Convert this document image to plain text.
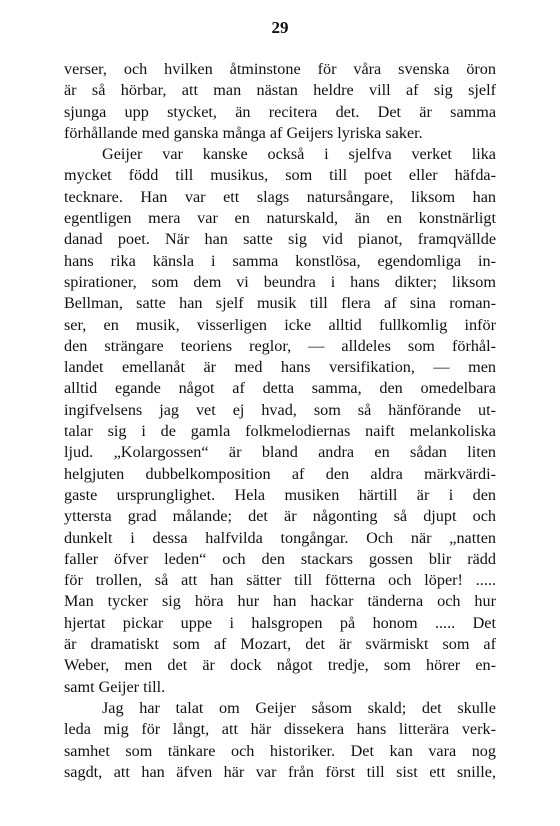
29
verser, och hvilken åtminstone för våra svenska öron
är så hörbar, att man nästan heldre vill af sig sjelf
sjunga upp stycket, än recitera det. Det är samma
förhållande med ganska många af Geijers lyriska saker.
Geijer var kanske också i sjelfva verket lika
mycket född till musikus, som till poet eller häfda-
tecknare. Han var ett slags natursångare, liksom han
egentligen mera var en naturskald, än en konstnärligt
danad poet. När han satte sig vid pianot, framqvällde
hans rika känsla i samma konstlösa, egendomliga in-
spirationer, som dem vi beundra i hans dikter; liksom
Bellman, satte han sjelf musik till flera af sina roman-
ser, en musik, visserligen icke alltid fullkomlig inför
den strängare teoriens reglor, — alldeles som förhål-
landet emellanåt är med hans versifikation, — men
alltid egande något af detta samma, den omedelbara
ingifvelsens jag vet ej hvad, som så hänförande ut-
talar sig i de gamla folkmelodiernas naift melankoliska
ljud. „Kolargossen“ är bland andra en sådan liten
helgjuten dubbelkomposition af den aldra märkvärdi-
gaste ursprunglighet. Hela musiken härtill är i den
yttersta grad målande; det är någonting så djupt och
dunkelt i dessa halfvilda tongångar. Och när „natten
faller öfver leden“ och den stackars gossen blir rädd
för trollen, så att han sätter till fötterna och löper! .....
Man tycker sig höra hur han hackar tänderna och hur
hjertat pickar uppe i halsgropen på honom ..... Det
är dramatiskt som af Mozart, det är svärmiskt som af
Weber, men det är dock något tredje, som hörer en-
samt Geijer till.
Jag har talat om Geijer såsom skald; det skulle
leda mig för långt, att här dissekera hans litterära verk-
samhet som tänkare och historiker. Det kan vara nog
sagdt, att han äfven här var från först till sist ett snille,
